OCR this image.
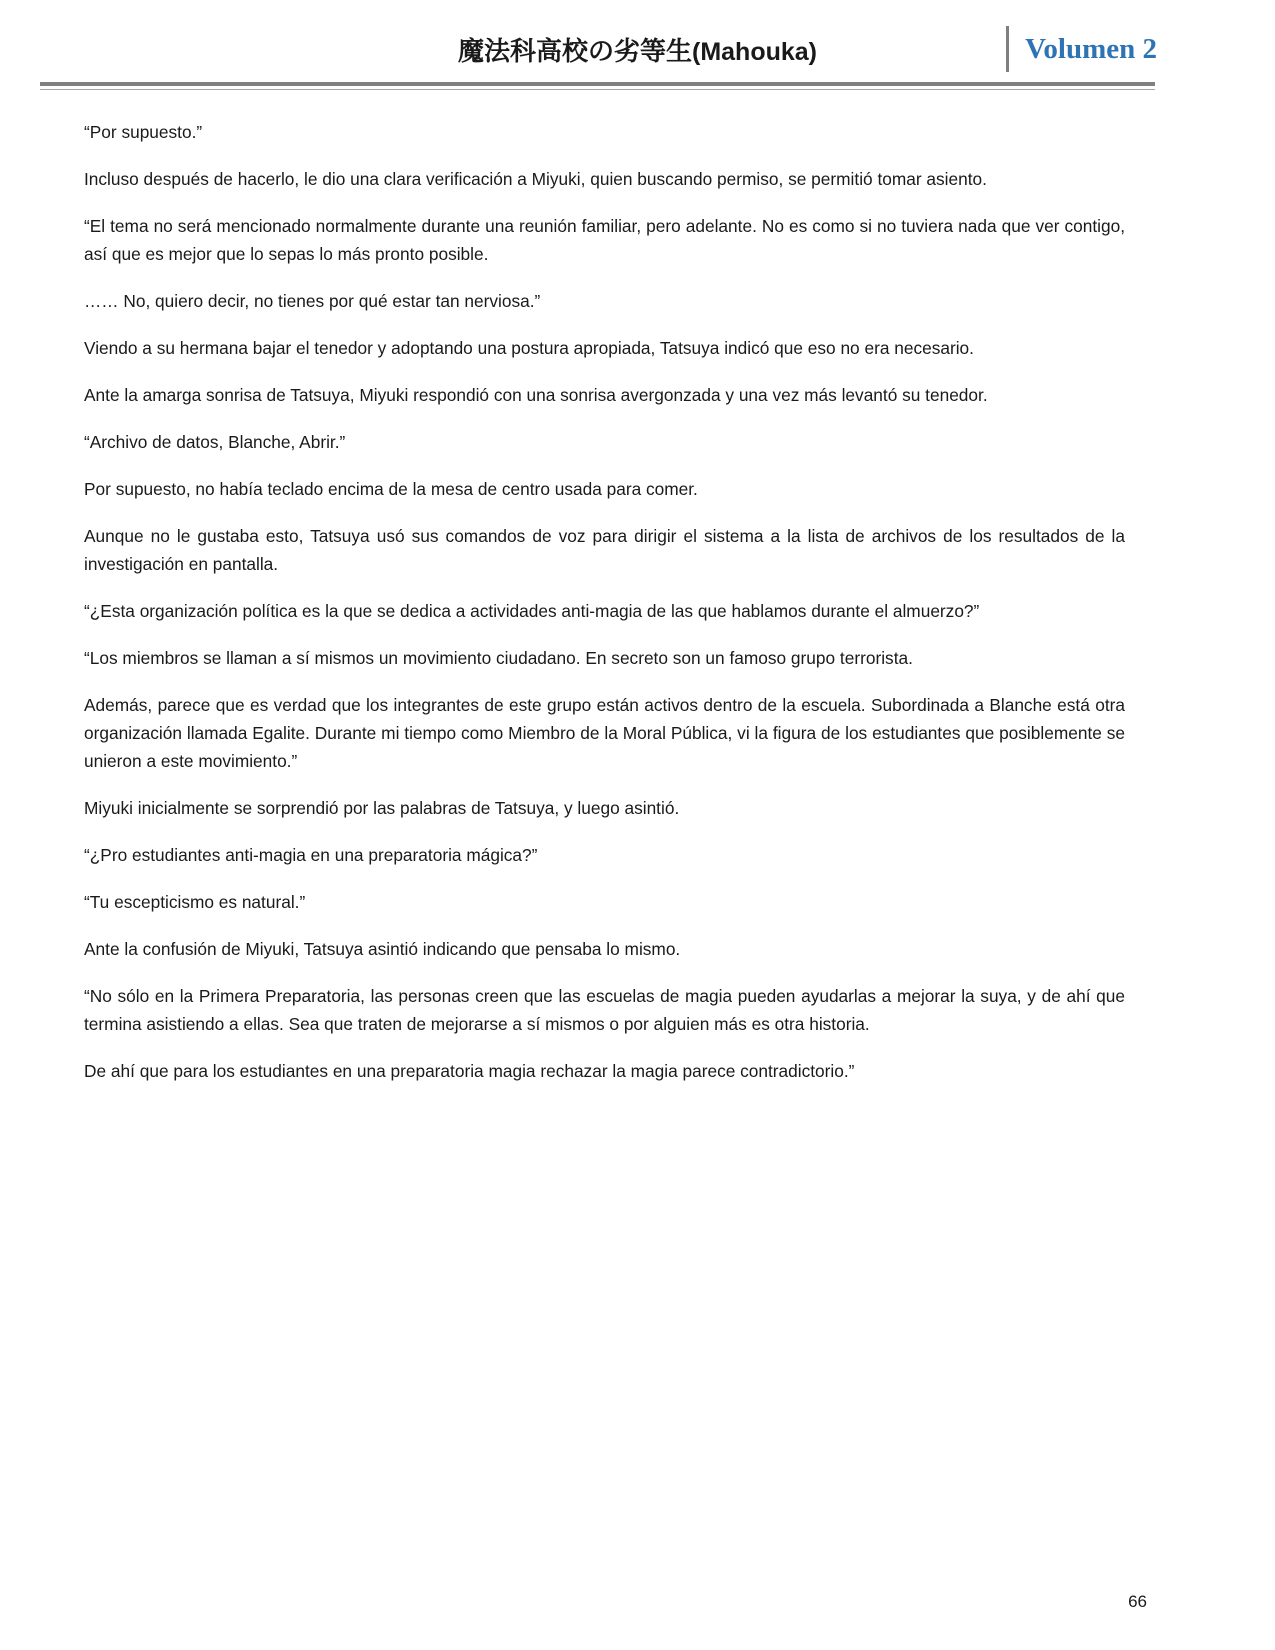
魔法科高校の劣等生(Mahouka)	Volumen 2

“Por supuesto.”

Incluso después de hacerlo, le dio una clara verificación a Miyuki, quien buscando permiso, se permitió tomar asiento.

“El tema no será mencionado normalmente durante una reunión familiar, pero adelante. No es como si no tuviera nada que ver contigo, así que es mejor que lo sepas lo más pronto posible.

…… No, quiero decir, no tienes por qué estar tan nerviosa.”

Viendo a su hermana bajar el tenedor y adoptando una postura apropiada, Tatsuya indicó que eso no era necesario.

Ante la amarga sonrisa de Tatsuya, Miyuki respondió con una sonrisa avergonzada y una vez más levantó su tenedor.

“Archivo de datos, Blanche, Abrir.”

Por supuesto, no había teclado encima de la mesa de centro usada para comer.

Aunque no le gustaba esto, Tatsuya usó sus comandos de voz para dirigir el sistema a la lista de archivos de los resultados de la investigación en pantalla.

“¿Esta organización política es la que se dedica a actividades anti-magia de las que hablamos durante el almuerzo?”

“Los miembros se llaman a sí mismos un movimiento ciudadano. En secreto son un famoso grupo terrorista.

Además, parece que es verdad que los integrantes de este grupo están activos dentro de la escuela. Subordinada a Blanche está otra organización llamada Egalite. Durante mi tiempo como Miembro de la Moral Pública, vi la figura de los estudiantes que posiblemente se unieron a este movimiento.”

Miyuki inicialmente se sorprendió por las palabras de Tatsuya, y luego asintió.

“¿Pro estudiantes anti-magia en una preparatoria mágica?”

“Tu escepticismo es natural.”

Ante la confusión de Miyuki, Tatsuya asintió indicando que pensaba lo mismo.

“No sólo en la Primera Preparatoria, las personas creen que las escuelas de magia pueden ayudarlas a mejorar la suya, y de ahí que termina asistiendo a ellas. Sea que traten de mejorarse a sí mismos o por alguien más es otra historia.

De ahí que para los estudiantes en una preparatoria magia rechazar la magia parece contradictorio.”

66
